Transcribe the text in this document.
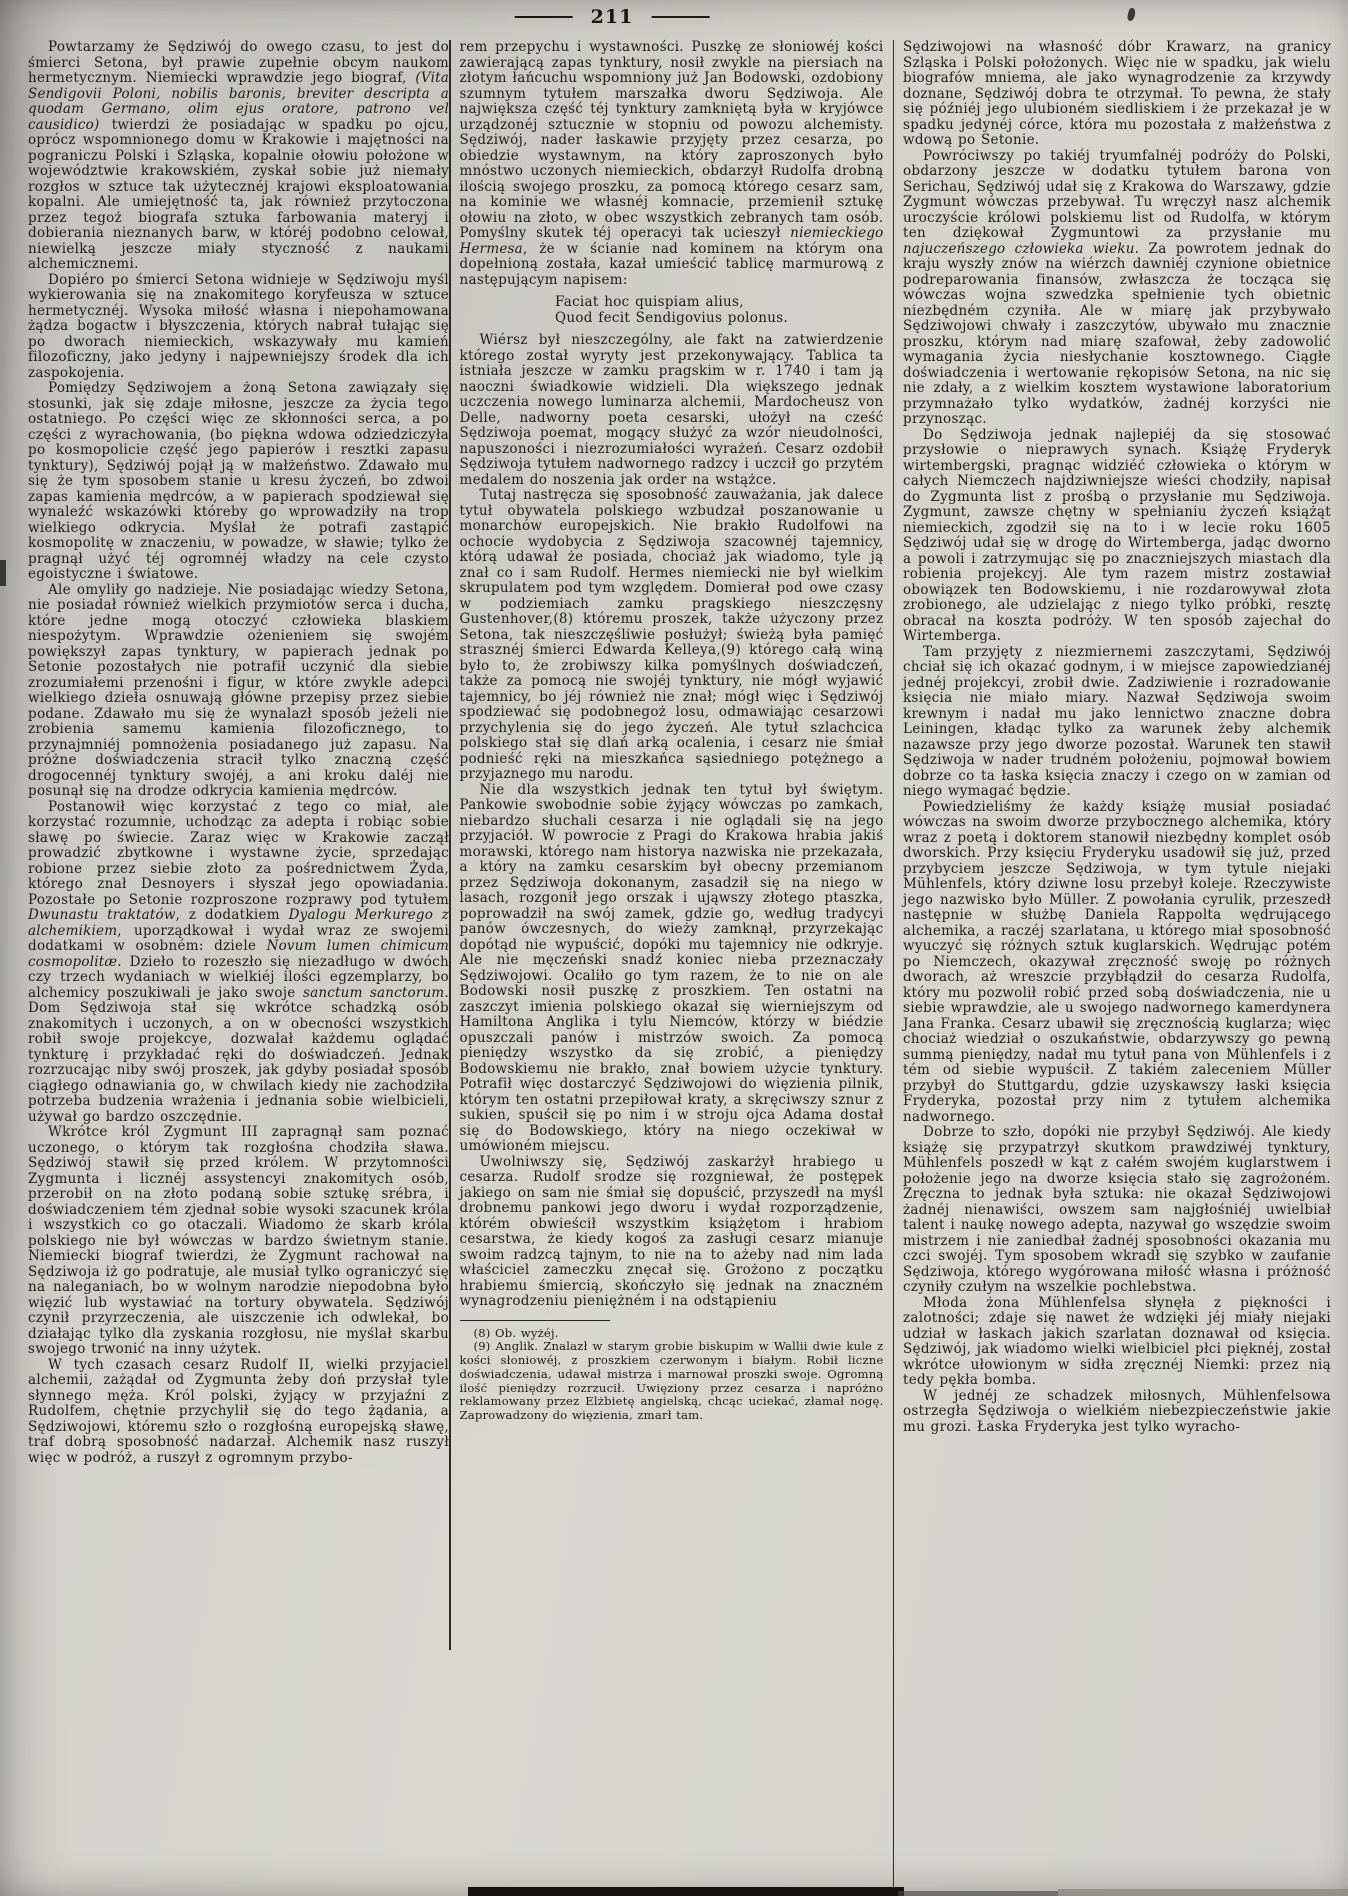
211

Powtarzamy że Sędziwój do owego czasu, to jest do śmierci Setona, był prawie zupełnie obcym naukom hermetycznym. Niemiecki wprawdzie jego biograf, (Vita Sendigovii Poloni, nobilis baronis, breviter descripta a quodam Germano, olim ejus oratore, patrono vel causidico) twierdzi że posiadając w spadku po ojcu, oprócz wspomnionego domu w Krakowie i majętności na pograniczu Polski i Szląska, kopalnie ołowiu położone w województwie krakowskiém, zyskał sobie już niemały rozgłos w sztuce tak użytecznéj krajowi eksploatowania kopalni. Ale umiejętność ta, jak również przytoczona przez tegoż biografa sztuka farbowania materyj i dobierania nieznanych barw, w któréj podobno celował, niewielką jeszcze miały styczność z naukami alchemicznemi.

Dopiéro po śmierci Setona widnieje w Sędziwoju myśl wykierowania się na znakomitego koryfeusza w sztuce hermetycznéj. Wysoka miłość własna i niepohamowana żądza bogactw i błyszczenia, których nabrał tułając się po dworach niemieckich, wskazywały mu kamień filozoficzny, jako jedyny i najpewniejszy środek dla ich zaspokojenia.

Pomiędzy Sędziwojem a żoną Setona zawiązały się stosunki, jak się zdaje miłosne, jeszcze za życia tego ostatniego. Po części więc ze skłonności serca, a po części z wyrachowania, (bo piękna wdowa odziedziczyła po kosmopolicie część jego papierów i resztki zapasu tynktury), Sędziwój pojął ją w małżeństwo. Zdawało mu się że tym sposobem stanie u kresu życzeń, bo zdwoi zapas kamienia mędrców, a w papierach spodziewał się wynaleźć wskazówki któreby go wprowadziły na trop wielkiego odkrycia. Myślał że potrafi zastąpić kosmopolitę w znaczeniu, w powadze, w sławie; tylko że pragnął użyć téj ogromnéj władzy na cele czysto egoistyczne i światowe.

Ale omyliły go nadzieje. Nie posiadając wiedzy Setona, nie posiadał również wielkich przymiotów serca i ducha, które jedne mogą otoczyć człowieka blaskiem niespożytym. Wprawdzie ożenieniem się swojém powiększył zapas tynktury, w papierach jednak po Setonie pozostałych nie potrafił uczynić dla siebie zrozumiałemi przenośni i figur, w które zwykle adepci wielkiego dzieła osnuwają główne przepisy przez siebie podane. Zdawało mu się że wynalazł sposób jeżeli nie zrobienia samemu kamienia filozoficznego, to przynajmniéj pomnożenia posiadanego już zapasu. Na próżne doświadczenia stracił tylko znaczną część drogocennéj tynktury swojéj, a ani kroku daléj nie posunął się na drodze odkrycia kamienia mędrców.

Postanowił więc korzystać z tego co miał, ale korzystać rozumnie, uchodząc za adepta i robiąc sobie sławę po świecie. Zaraz więc w Krakowie zaczął prowadzić zbytkowne i wystawne życie, sprzedając robione przez siebie złoto za pośrednictwem Żyda, którego znał Desnoyers i słyszał jego opowiadania. Pozostałe po Setonie rozproszone rozprawy pod tytułem Dwunastu traktatów, z dodatkiem Dyalogu Merkurego z alchemikiem, uporządkował i wydał wraz ze swojemi dodatkami w osobném: dziele Novum lumen chimicum cosmopolitæ. Dzieło to rozeszło się niezadługo w dwóch czy trzech wydaniach w wielkiéj ilości egzemplarzy, bo alchemicy poszukiwali je jako swoje sanctum sanctorum. Dom Sędziwoja stał się wkrótce schadzką osób znakomitych i uczonych, a on w obecności wszystkich robił swoje projekcye, dozwalał każdemu oglądać tynkturę i przykładać ręki do doświadczeń. Jednak rozrzucając niby swój proszek, jak gdyby posiadał sposób ciągłego odnawiania go, w chwilach kiedy nie zachodziła potrzeba budzenia wrażenia i jednania sobie wielbicieli, używał go bardzo oszczędnie.

Wkrótce król Zygmunt III zapragnął sam poznać uczonego, o którym tak rozgłośna chodziła sława. Sędziwój stawił się przed królem. W przytomności Zygmunta i licznéj assystencyi znakomitych osób, przerobił on na złoto podaną sobie sztukę srébra, i doświadczeniem tém zjednał sobie wysoki szacunek króla i wszystkich co go otaczali. Wiadomo że skarb króla polskiego nie był wówczas w bardzo świetnym stanie. Niemiecki biograf twierdzi, że Zygmunt rachował na Sędziwoja iż go podratuje, ale musiał tylko ograniczyć się na naleganiach, bo w wolnym narodzie niepodobna było więzić lub wystawiać na tortury obywatela. Sędziwój czynił przyrzeczenia, ale uiszczenie ich odwlekał, bo działając tylko dla zyskania rozgłosu, nie myślał skarbu swojego trwonić na inny użytek.

W tych czasach cesarz Rudolf II, wielki przyjaciel alchemii, zażądał od Zygmunta żeby doń przysłał tyle słynnego męża. Król polski, żyjący w przyjaźni z Rudolfem, chętnie przychylił się do tego żądania, a Sędziwojowi, któremu szło o rozgłośną europejską sławę, traf dobrą sposobność nadarzał. Alchemik nasz ruszył więc w podróż, a ruszył z ogromnym przybo-

rem przepychu i wystawności. Puszkę ze słoniowéj kości zawierającą zapas tynktury, nosił zwykle na piersiach na złotym łańcuchu wspomniony już Jan Bodowski, ozdobiony szumnym tytułem marszałka dworu Sędziwoja. Ale największa część téj tynktury zamkniętą była w kryjówce urządzonéj sztucznie w stopniu od powozu alchemisty. Sędziwój, nader łaskawie przyjęty przez cesarza, po obiedzie wystawnym, na który zaproszonych było mnóstwo uczonych niemieckich, obdarzył Rudolfa drobną ilością swojego proszku, za pomocą którego cesarz sam, na kominie we własnéj komnacie, przemienił sztukę ołowiu na złoto, w obec wszystkich zebranych tam osób. Pomyślny skutek téj operacyi tak ucieszył niemieckiego Hermesa, że w ścianie nad kominem na którym ona dopełnioną została, kazał umieścić tablicę marmurową z następującym napisem:

Faciat hoc quispiam alius,
Quod fecit Sendigovius polonus.

Wiérsz był nieszczególny, ale fakt na zatwierdzenie którego został wyryty jest przekonywający. Tablica ta istniała jeszcze w zamku pragskim w r. 1740 i tam ją naoczni świadkowie widzieli. Dla większego jednak uczczenia nowego luminarza alchemii, Mardocheusz von Delle, nadworny poeta cesarski, ułożył na cześć Sędziwoja poemat, mogący służyć za wzór nieudolności, napuszoności i niezrozumiałości wyrażeń. Cesarz ozdobił Sędziwoja tytułem nadwornego radzcy i uczcił go przytém medalem do noszenia jak order na wstążce.

Tutaj nastręcza się sposobność zauważania, jak dalece tytuł obywatela polskiego wzbudzał poszanowanie u monarchów europejskich. Nie brakło Rudolfowi na ochocie wydobycia z Sędziwoja szacownéj tajemnicy, którą udawał że posiada, chociaż jak wiadomo, tyle ją znał co i sam Rudolf. Hermes niemiecki nie był wielkim skrupulatem pod tym względem. Domierał pod owe czasy w podziemiach zamku pragskiego nieszczęsny Gustenhover,(8) któremu proszek, także użyczony przez Setona, tak nieszczęśliwie posłużył; świeżą była pamięć strasznéj śmierci Edwarda Kelleya,(9) którego całą winą było to, że zrobiwszy kilka pomyślnych doświadczeń, także za pomocą nie swojéj tynktury, nie mógł wyjawić tajemnicy, bo jéj również nie znał; mógł więc i Sędziwój spodziewać się podobnegoż losu, odmawiając cesarzowi przychylenia się do jego życzeń. Ale tytuł szlachcica polskiego stał się dlań arką ocalenia, i cesarz nie śmiał podnieść ręki na mieszkańca sąsiedniego potężnego a przyjaznego mu narodu.

Nie dla wszystkich jednak ten tytuł był świętym. Pankowie swobodnie sobie żyjący wówczas po zamkach, niebardzo słuchali cesarza i nie oglądali się na jego przyjaciół. W powrocie z Pragi do Krakowa hrabia jakiś morawski, którego nam historya nazwiska nie przekazała, a który na zamku cesarskim był obecny przemianom przez Sędziwoja dokonanym, zasadził się na niego w lasach, rozgonił jego orszak i ująwszy złotego ptaszka, poprowadził na swój zamek, gdzie go, według tradycyi panów ówczesnych, do wieży zamknął, przyrzekając dopótąd nie wypuścić, dopóki mu tajemnicy nie odkryje. Ale nie męczeński snadź koniec nieba przeznaczały Sędziwojowi. Ocaliło go tym razem, że to nie on ale Bodowski nosił puszkę z proszkiem. Ten ostatni na zaszczyt imienia polskiego okazał się wierniejszym od Hamiltona Anglika i tylu Niemców, którzy w biédzie opuszczali panów i mistrzów swoich. Za pomocą pieniędzy wszystko da się zrobić, a pieniędzy Bodowskiemu nie brakło, znał bowiem użycie tynktury. Potrafił więc dostarczyć Sędziwojowi do więzienia pilnik, którym ten ostatni przepiłował kraty, a skręciwszy sznur z sukien, spuścił się po nim i w stroju ojca Adama dostał się do Bodowskiego, który na niego oczekiwał w umówioném miejscu.

Uwolniwszy się, Sędziwój zaskarżył hrabiego u cesarza. Rudolf srodze się rozgniewał, że postępek jakiego on sam nie śmiał się dopuścić, przyszedł na myśl drobnemu pankowi jego dworu i wydał rozporządzenie, którém obwieścił wszystkim książętom i hrabiom cesarstwa, że kiedy kogoś za zasługi cesarz mianuje swoim radzcą tajnym, to nie na to ażeby nad nim lada właściciel zameczku znęcał się. Grożono z początku hrabiemu śmiercią, skończyło się jednak na znaczném wynagrodzeniu pieniężném i na odstąpieniu

(8) Ob. wyżéj.

(9) Anglik. Znalazł w starym grobie biskupim w Wallii dwie kule z kości słoniowéj, z proszkiem czerwonym i białym. Robił liczne doświadczenia, udawał mistrza i marnował proszki swoje. Ogromną ilość pieniędzy rozrzucił. Uwięziony przez cesarza i napróżno reklamowany przez Elżbietę angielską, chcąc uciekać, złamał nogę. Zaprowadzony do więzienia, zmarł tam.

Sędziwojowi na własność dóbr Krawarz, na granicy Szląska i Polski położonych. Więc nie w spadku, jak wielu biografów mniema, ale jako wynagrodzenie za krzywdy doznane, Sędziwój dobra te otrzymał. To pewna, że stały się późniéj jego ulubioném siedliskiem i że przekazał je w spadku jedynéj córce, która mu pozostała z małżeństwa z wdową po Setonie.

Powróciwszy po takiéj tryumfalnéj podróży do Polski, obdarzony jeszcze w dodatku tytułem barona von Serichau, Sędziwój udał się z Krakowa do Warszawy, gdzie Zygmunt wówczas przebywał. Tu wręczył nasz alchemik uroczyście królowi polskiemu list od Rudolfa, w którym ten dziękował Zygmuntowi za przysłanie mu najuczeńszego człowieka wieku. Za powrotem jednak do kraju wyszły znów na wiérzch dawniéj czynione obietnice podreparowania finansów, zwłaszcza że tocząca się wówczas wojna szwedzka spełnienie tych obietnic niezbędném czyniła. Ale w miarę jak przybywało Sędziwojowi chwały i zaszczytów, ubywało mu znacznie proszku, którym nad miarę szafował, żeby zadowolić wymagania życia niesłychanie kosztownego. Ciągłe doświadczenia i wertowanie rękopisów Setona, na nic się nie zdały, a z wielkim kosztem wystawione laboratorium przymnażało tylko wydatków, żadnéj korzyści nie przynosząc.

Do Sędziwoja jednak najlepiéj da się stosować przysłowie o nieprawych synach. Książę Fryderyk wirtembergski, pragnąc widziéć człowieka o którym w całych Niemczech najdziwniejsze wieści chodziły, napisał do Zygmunta list z prośbą o przysłanie mu Sędziwoja. Zygmunt, zawsze chętny w spełnianiu życzeń książąt niemieckich, zgodził się na to i w lecie roku 1605 Sędziwój udał się w drogę do Wirtemberga, jadąc dworno a powoli i zatrzymując się po znaczniejszych miastach dla robienia projekcyj. Ale tym razem mistrz zostawiał obowiązek ten Bodowskiemu, i nie rozdarowywał złota zrobionego, ale udzielając z niego tylko próbki, resztę obracał na koszta podróży. W ten sposób zajechał do Wirtemberga.

Tam przyjęty z niezmiernemi zaszczytami, Sędziwój chciał się ich okazać godnym, i w miejsce zapowiedzianéj jednéj projekcyi, zrobił dwie. Zadziwienie i rozradowanie księcia nie miało miary. Nazwał Sędziwoja swoim krewnym i nadał mu jako lennictwo znaczne dobra Leiningen, kładąc tylko za warunek żeby alchemik nazawsze przy jego dworze pozostał. Warunek ten stawił Sędziwoja w nader trudném położeniu, pojmował bowiem dobrze co ta łaska księcia znaczy i czego on w zamian od niego wymagać będzie.

Powiedzieliśmy że każdy książę musiał posiadać wówczas na swoim dworze przybocznego alchemika, który wraz z poetą i doktorem stanowił niezbędny komplet osób dworskich. Przy księciu Fryderyku usadowił się już, przed przybyciem jeszcze Sędziwoja, w tym tytule niejaki Mühlenfels, który dziwne losu przebył koleje. Rzeczywiste jego nazwisko było Müller. Z powołania cyrulik, przeszedł następnie w służbę Daniela Rappolta wędrującego alchemika, a raczéj szarlatana, u którego miał sposobność wyuczyć się różnych sztuk kuglarskich. Wędrując potém po Niemczech, okazywał zręczność swoję po różnych dworach, aż wreszcie przybłądził do cesarza Rudolfa, który mu pozwolił robić przed sobą doświadczenia, nie u siebie wprawdzie, ale u swojego nadwornego kamerdynera Jana Franka. Cesarz ubawił się zręcznością kuglarza; więc chociaż wiedział o oszukaństwie, obdarzywszy go pewną summą pieniędzy, nadał mu tytuł pana von Mühlenfels i z tém od siebie wypuścił. Z takiém zaleceniem Müller przybył do Stuttgardu, gdzie uzyskawszy łaski księcia Fryderyka, pozostał przy nim z tytułem alchemika nadwornego.

Dobrze to szło, dopóki nie przybył Sędziwój. Ale kiedy książę się przypatrzył skutkom prawdziwéj tynktury, Mühlenfels poszedł w kąt z całém swojém kuglarstwem i położenie jego na dworze księcia stało się zagrożoném. Zręczna to jednak była sztuka: nie okazał Sędziwojowi żadnéj nienawiści, owszem sam najgłośniéj uwielbiał talent i naukę nowego adepta, nazywał go wszędzie swoim mistrzem i nie zaniedbał żadnéj sposobności okazania mu czci swojéj. Tym sposobem wkradł się szybko w zaufanie Sędziwoja, którego wygórowana miłość własna i próżność czyniły czułym na wszelkie pochlebstwa.

Młoda żona Mühlenfelsa słynęła z piękności i zalotności; zdaje się nawet że wdzięki jéj miały niejaki udział w łaskach jakich szarlatan doznawał od księcia. Sędziwój, jak wiadomo wielki wielbiciel płci pięknéj, został wkrótce ułowionym w sidła zręcznéj Niemki: przez nią tedy pękła bomba.

W jednéj ze schadzek miłosnych, Mühlenfelsowa ostrzegła Sędziwoja o wielkiém niebezpieczeństwie jakie mu grozi. Łaska Fryderyka jest tylko wyracho-
